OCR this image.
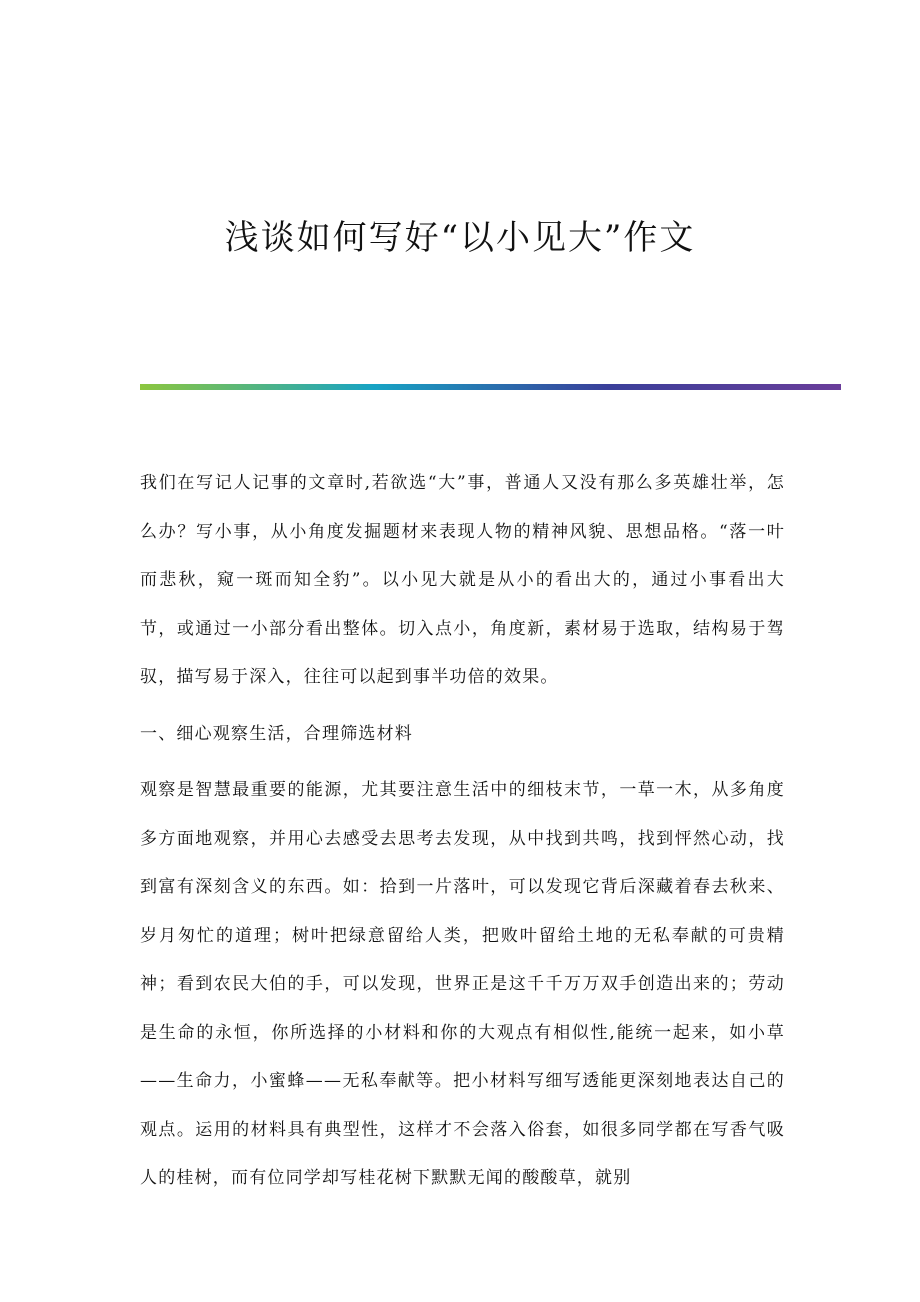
浅谈如何写好“以小见大”作文

我们在写记人记事的文章时,若欲选“大”事，普通人又没有那么多英雄壮举，怎么办？写小事，从小角度发掘题材来表现人物的精神风貌、思想品格。“落一叶而悲秋，窥一斑而知全豹”。以小见大就是从小的看出大的，通过小事看出大节，或通过一小部分看出整体。切入点小，角度新，素材易于选取，结构易于驾驭，描写易于深入，往往可以起到事半功倍的效果。

一、细心观察生活，合理筛选材料

观察是智慧最重要的能源，尤其要注意生活中的细枝末节，一草一木，从多角度多方面地观察，并用心去感受去思考去发现，从中找到共鸣，找到怦然心动，找到富有深刻含义的东西。如：拾到一片落叶，可以发现它背后深藏着春去秋来、岁月匆忙的道理；树叶把绿意留给人类，把败叶留给土地的无私奉献的可贵精神；看到农民大伯的手，可以发现，世界正是这千千万万双手创造出来的；劳动是生命的永恒，你所选择的小材料和你的大观点有相似性,能统一起来，如小草——生命力，小蜜蜂——无私奉献等。把小材料写细写透能更深刻地表达自己的观点。运用的材料具有典型性，这样才不会落入俗套，如很多同学都在写香气吸人的桂树，而有位同学却写桂花树下默默无闻的酸酸草，就别
